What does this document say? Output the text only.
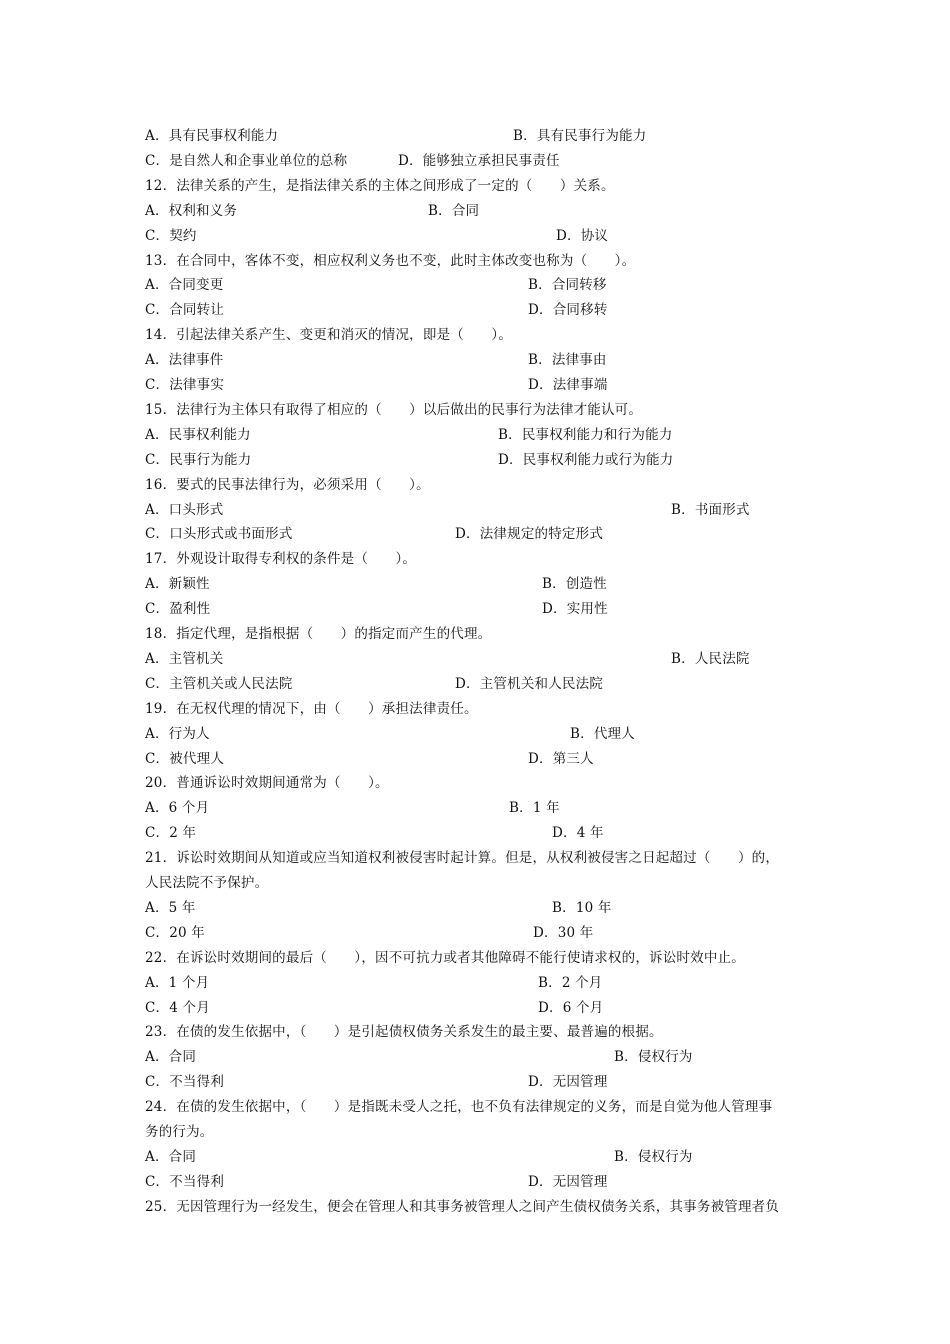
A．具有民事权利能力	B．具有民事行为能力
C．是自然人和企事业单位的总称	D．能够独立承担民事责任
12．法律关系的产生，是指法律关系的主体之间形成了一定的（　　）关系。
A．权利和义务	B．合同
C．契约	D．协议
13．在合同中，客体不变，相应权利义务也不变，此时主体改变也称为（　　）。
A．合同变更	B．合同转移
C．合同转让	D．合同移转
14．引起法律关系产生、变更和消灭的情况，即是（　　）。
A．法律事件	B．法律事由
C．法律事实	D．法律事端
15．法律行为主体只有取得了相应的（　　）以后做出的民事行为法律才能认可。
A．民事权利能力	B．民事权利能力和行为能力
C．民事行为能力	D．民事权利能力或行为能力
16．要式的民事法律行为，必须采用（　　）。
A．口头形式	B．书面形式
C．口头形式或书面形式	D．法律规定的特定形式
17．外观设计取得专利权的条件是（　　）。
A．新颖性	B．创造性
C．盈利性	D．实用性
18．指定代理，是指根据（　　）的指定而产生的代理。
A．主管机关	B．人民法院
C．主管机关或人民法院	D．主管机关和人民法院
19．在无权代理的情况下，由（　　）承担法律责任。
A．行为人	B．代理人
C．被代理人	D．第三人
20．普通诉讼时效期间通常为（　　）。
A．6 个月	B．1 年
C．2 年	D．4 年
21．诉讼时效期间从知道或应当知道权利被侵害时起计算。但是，从权利被侵害之日起超过（　　）的，
人民法院不予保护。
A．5 年	B．10 年
C．20 年	D．30 年
22．在诉讼时效期间的最后（　　），因不可抗力或者其他障碍不能行使请求权的，诉讼时效中止。
A．1 个月	B．2 个月
C．4 个月	D．6 个月
23．在债的发生依据中，（　　）是引起债权债务关系发生的最主要、最普遍的根据。
A．合同	B．侵权行为
C．不当得利	D．无因管理
24．在债的发生依据中，（　　）是指既未受人之托，也不负有法律规定的义务，而是自觉为他人管理事
务的行为。
A．合同	B．侵权行为
C．不当得利	D．无因管理
25．无因管理行为一经发生，便会在管理人和其事务被管理人之间产生债权债务关系，其事务被管理者负
